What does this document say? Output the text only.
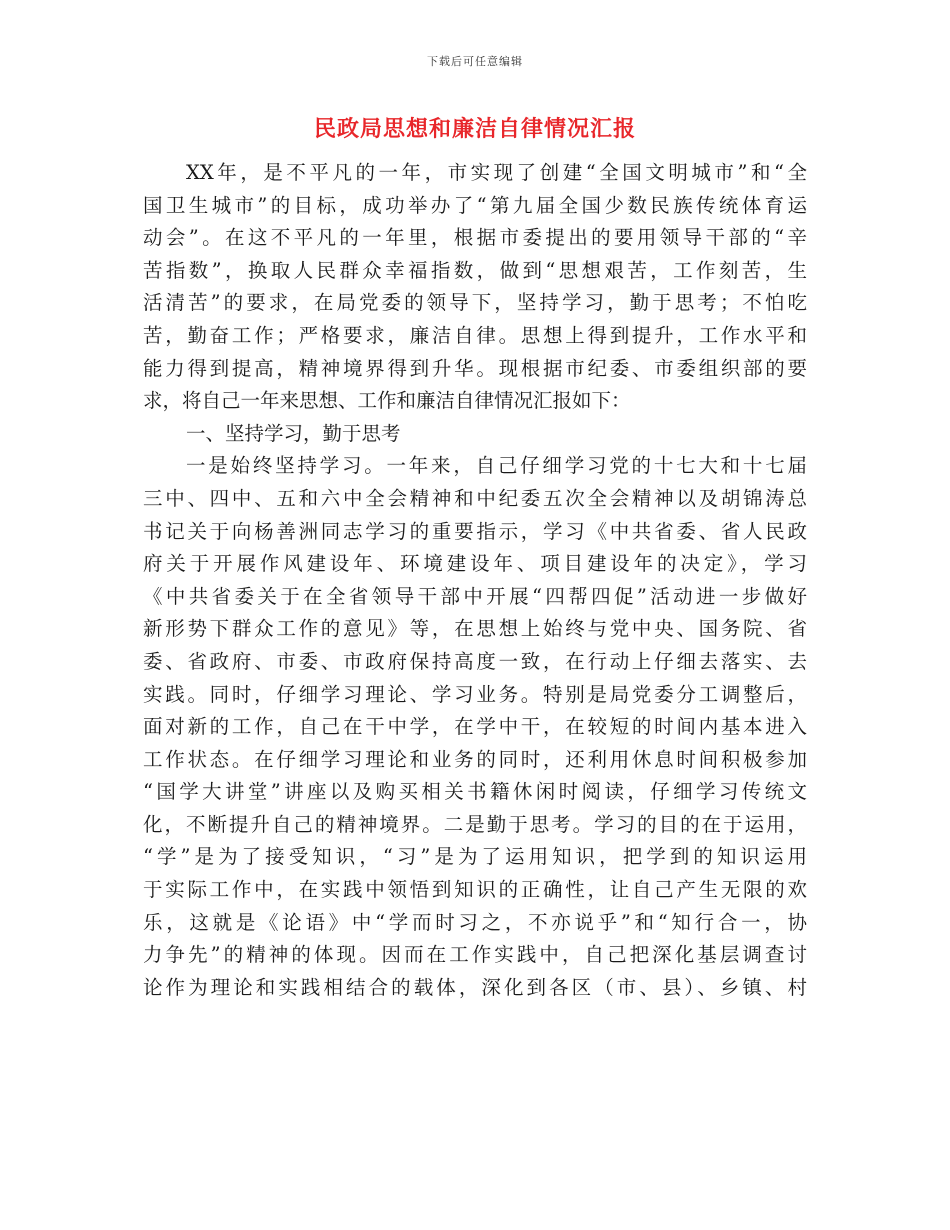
下载后可任意编辑
民政局思想和廉洁自律情况汇报
XX年，是不平凡的一年，市实现了创建“全国文明城市”和“全
国卫生城市”的目标，成功举办了“第九届全国少数民族传统体育运
动会”。在这不平凡的一年里，根据市委提出的要用领导干部的“辛
苦指数”，换取人民群众幸福指数，做到“思想艰苦，工作刻苦，生
活清苦”的要求，在局党委的领导下，坚持学习，勤于思考；不怕吃
苦，勤奋工作；严格要求，廉洁自律。思想上得到提升，工作水平和
能力得到提高，精神境界得到升华。现根据市纪委、市委组织部的要
求，将自己一年来思想、工作和廉洁自律情况汇报如下：
一、坚持学习，勤于思考
一是始终坚持学习。一年来，自己仔细学习党的十七大和十七届
三中、四中、五和六中全会精神和中纪委五次全会精神以及胡锦涛总
书记关于向杨善洲同志学习的重要指示，学习《中共省委、省人民政
府关于开展作风建设年、环境建设年、项目建设年的决定》，学习
《中共省委关于在全省领导干部中开展“四帮四促”活动进一步做好
新形势下群众工作的意见》等，在思想上始终与党中央、国务院、省
委、省政府、市委、市政府保持高度一致，在行动上仔细去落实、去
实践。同时，仔细学习理论、学习业务。特别是局党委分工调整后，
面对新的工作，自己在干中学，在学中干，在较短的时间内基本进入
工作状态。在仔细学习理论和业务的同时，还利用休息时间积极参加
“国学大讲堂”讲座以及购买相关书籍休闲时阅读，仔细学习传统文
化，不断提升自己的精神境界。二是勤于思考。学习的目的在于运用，
“学”是为了接受知识，“习”是为了运用知识，把学到的知识运用
于实际工作中，在实践中领悟到知识的正确性，让自己产生无限的欢
乐，这就是《论语》中“学而时习之，不亦说乎”和“知行合一，协
力争先”的精神的体现。因而在工作实践中，自己把深化基层调查讨
论作为理论和实践相结合的载体，深化到各区（市、县）、乡镇、村
